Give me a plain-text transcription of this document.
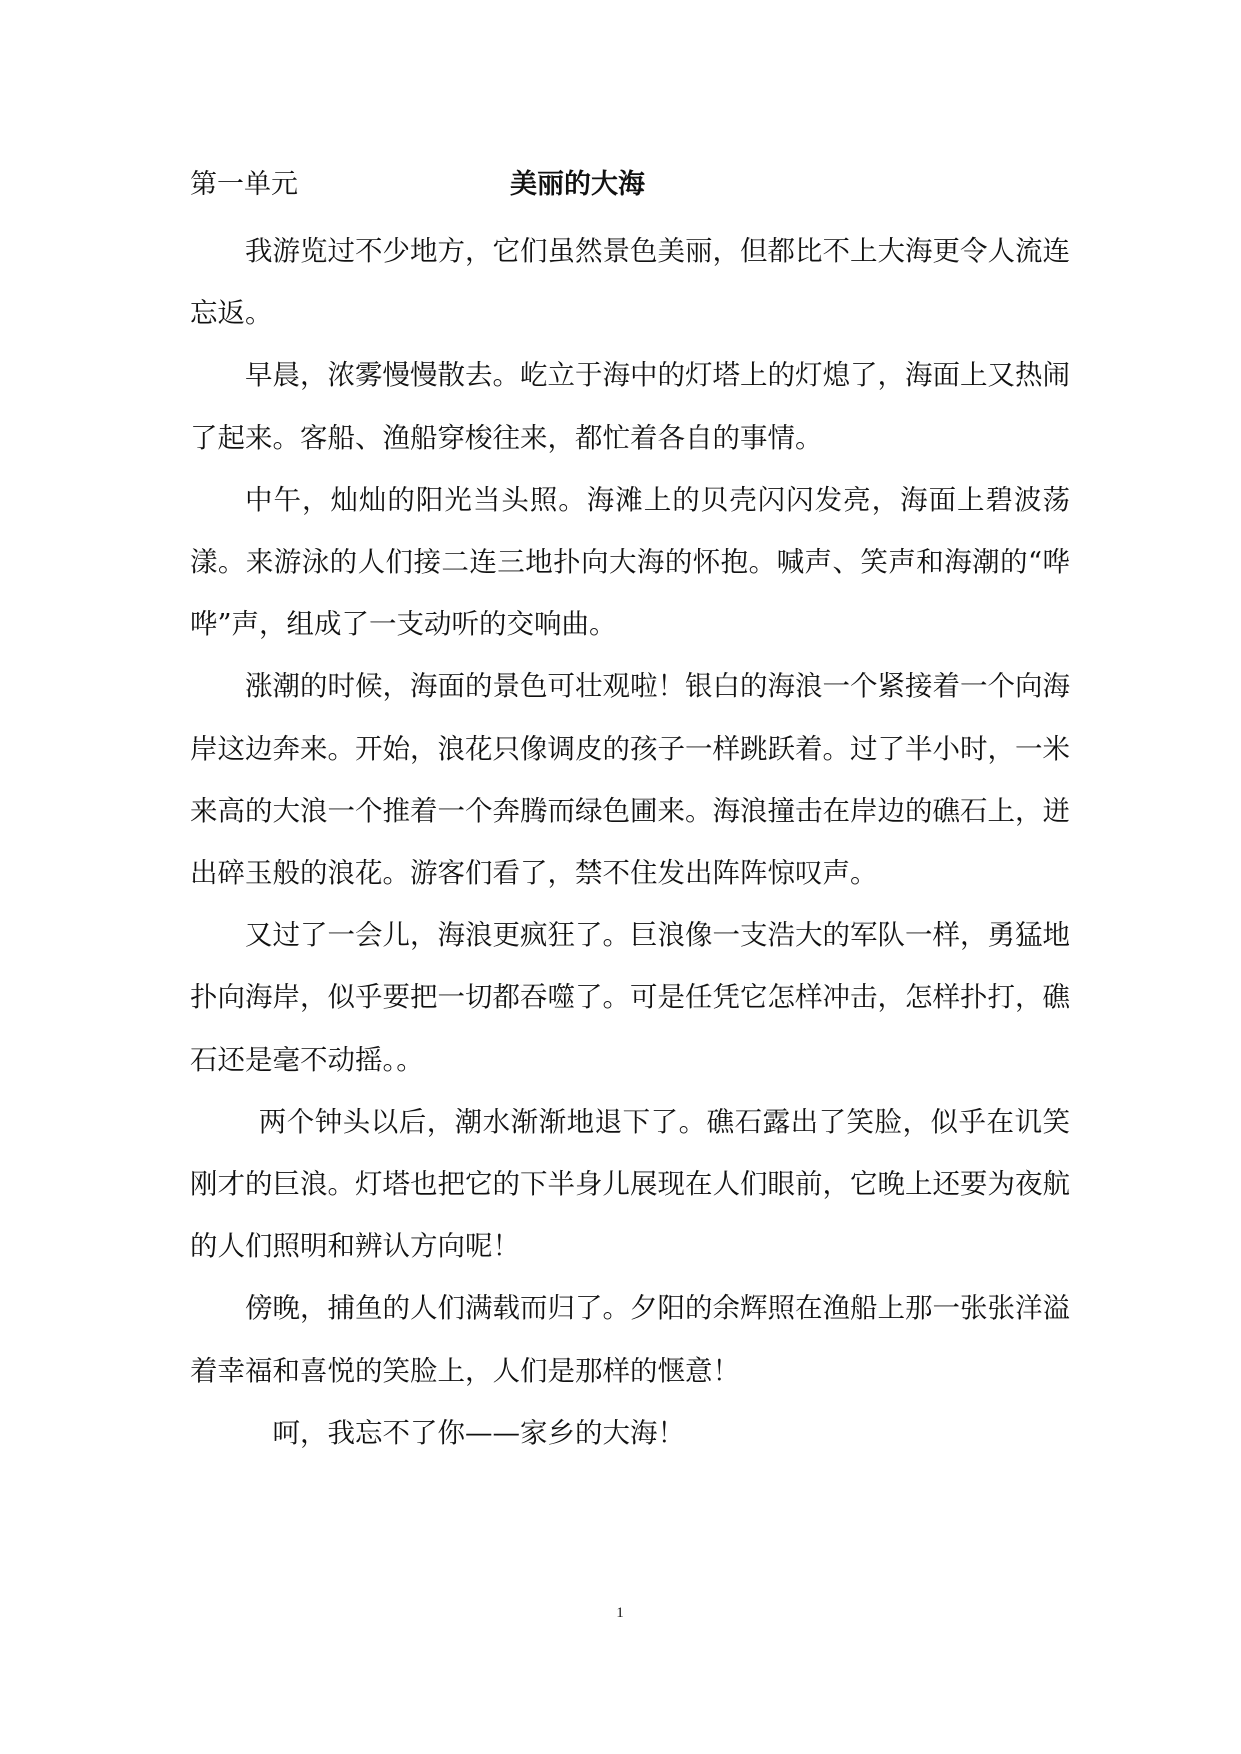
第一单元	美丽的大海

我游览过不少地方，它们虽然景色美丽，但都比不上大海更令人流连忘返。

早晨，浓雾慢慢散去。屹立于海中的灯塔上的灯熄了，海面上又热闹了起来。客船、渔船穿梭往来，都忙着各自的事情。

中午，灿灿的阳光当头照。海滩上的贝壳闪闪发亮，海面上碧波荡漾。来游泳的人们接二连三地扑向大海的怀抱。喊声、笑声和海潮的“哗哗”声，组成了一支动听的交响曲。

涨潮的时候，海面的景色可壮观啦！银白的海浪一个紧接着一个向海岸这边奔来。开始，浪花只像调皮的孩子一样跳跃着。过了半小时，一米来高的大浪一个推着一个奔腾而绿色圃来。海浪撞击在岸边的礁石上，迸出碎玉般的浪花。游客们看了，禁不住发出阵阵惊叹声。

又过了一会儿，海浪更疯狂了。巨浪像一支浩大的军队一样，勇猛地扑向海岸，似乎要把一切都吞噬了。可是任凭它怎样冲击，怎样扑打，礁石还是毫不动摇。。

两个钟头以后，潮水渐渐地退下了。礁石露出了笑脸，似乎在讥笑刚才的巨浪。灯塔也把它的下半身儿展现在人们眼前，它晚上还要为夜航的人们照明和辨认方向呢！

傍晚，捕鱼的人们满载而归了。夕阳的余辉照在渔船上那一张张洋溢着幸福和喜悦的笑脸上，人们是那样的惬意！

呵，我忘不了你——家乡的大海！

1
